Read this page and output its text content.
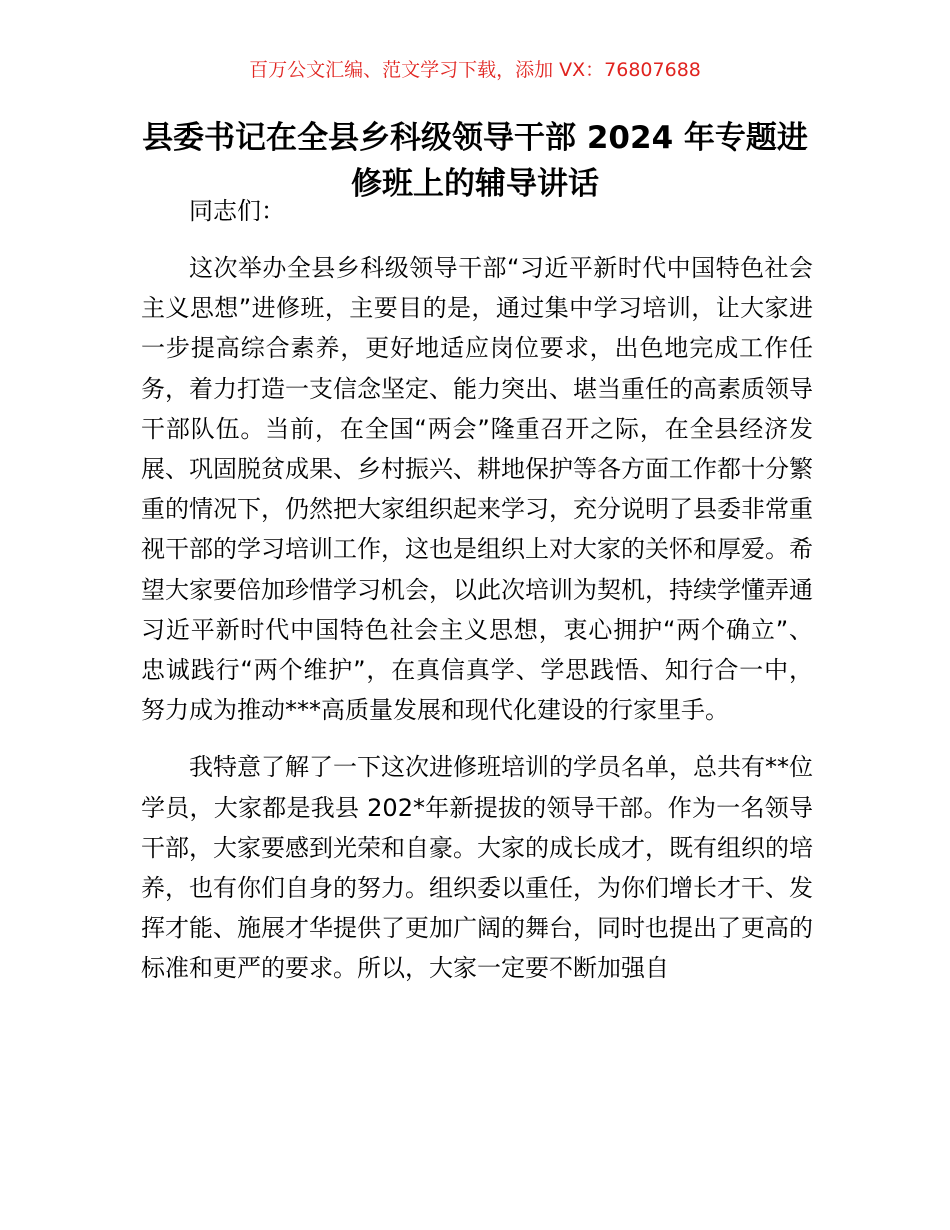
百万公文汇编、范文学习下载，添加 VX：76807688
县委书记在全县乡科级领导干部 2024 年专题进
修班上的辅导讲话

同志们：

这次举办全县乡科级领导干部“习近平新时代中国特色社会主义思想”进修班，主要目的是，通过集中学习培训，让大家进一步提高综合素养，更好地适应岗位要求，出色地完成工作任务，着力打造一支信念坚定、能力突出、堪当重任的高素质领导干部队伍。当前，在全国“两会”隆重召开之际，在全县经济发展、巩固脱贫成果、乡村振兴、耕地保护等各方面工作都十分繁重的情况下，仍然把大家组织起来学习，充分说明了县委非常重视干部的学习培训工作，这也是组织上对大家的关怀和厚爱。希望大家要倍加珍惜学习机会，以此次培训为契机，持续学懂弄通习近平新时代中国特色社会主义思想，衷心拥护“两个确立”、忠诚践行“两个维护”，在真信真学、学思践悟、知行合一中，努力成为推动***高质量发展和现代化建设的行家里手。

我特意了解了一下这次进修班培训的学员名单，总共有**位学员，大家都是我县 202*年新提拔的领导干部。作为一名领导干部，大家要感到光荣和自豪。大家的成长成才，既有组织的培养，也有你们自身的努力。组织委以重任，为你们增长才干、发挥才能、施展才华提供了更加广阔的舞台，同时也提出了更高的标准和更严的要求。所以，大家一定要不断加强自
